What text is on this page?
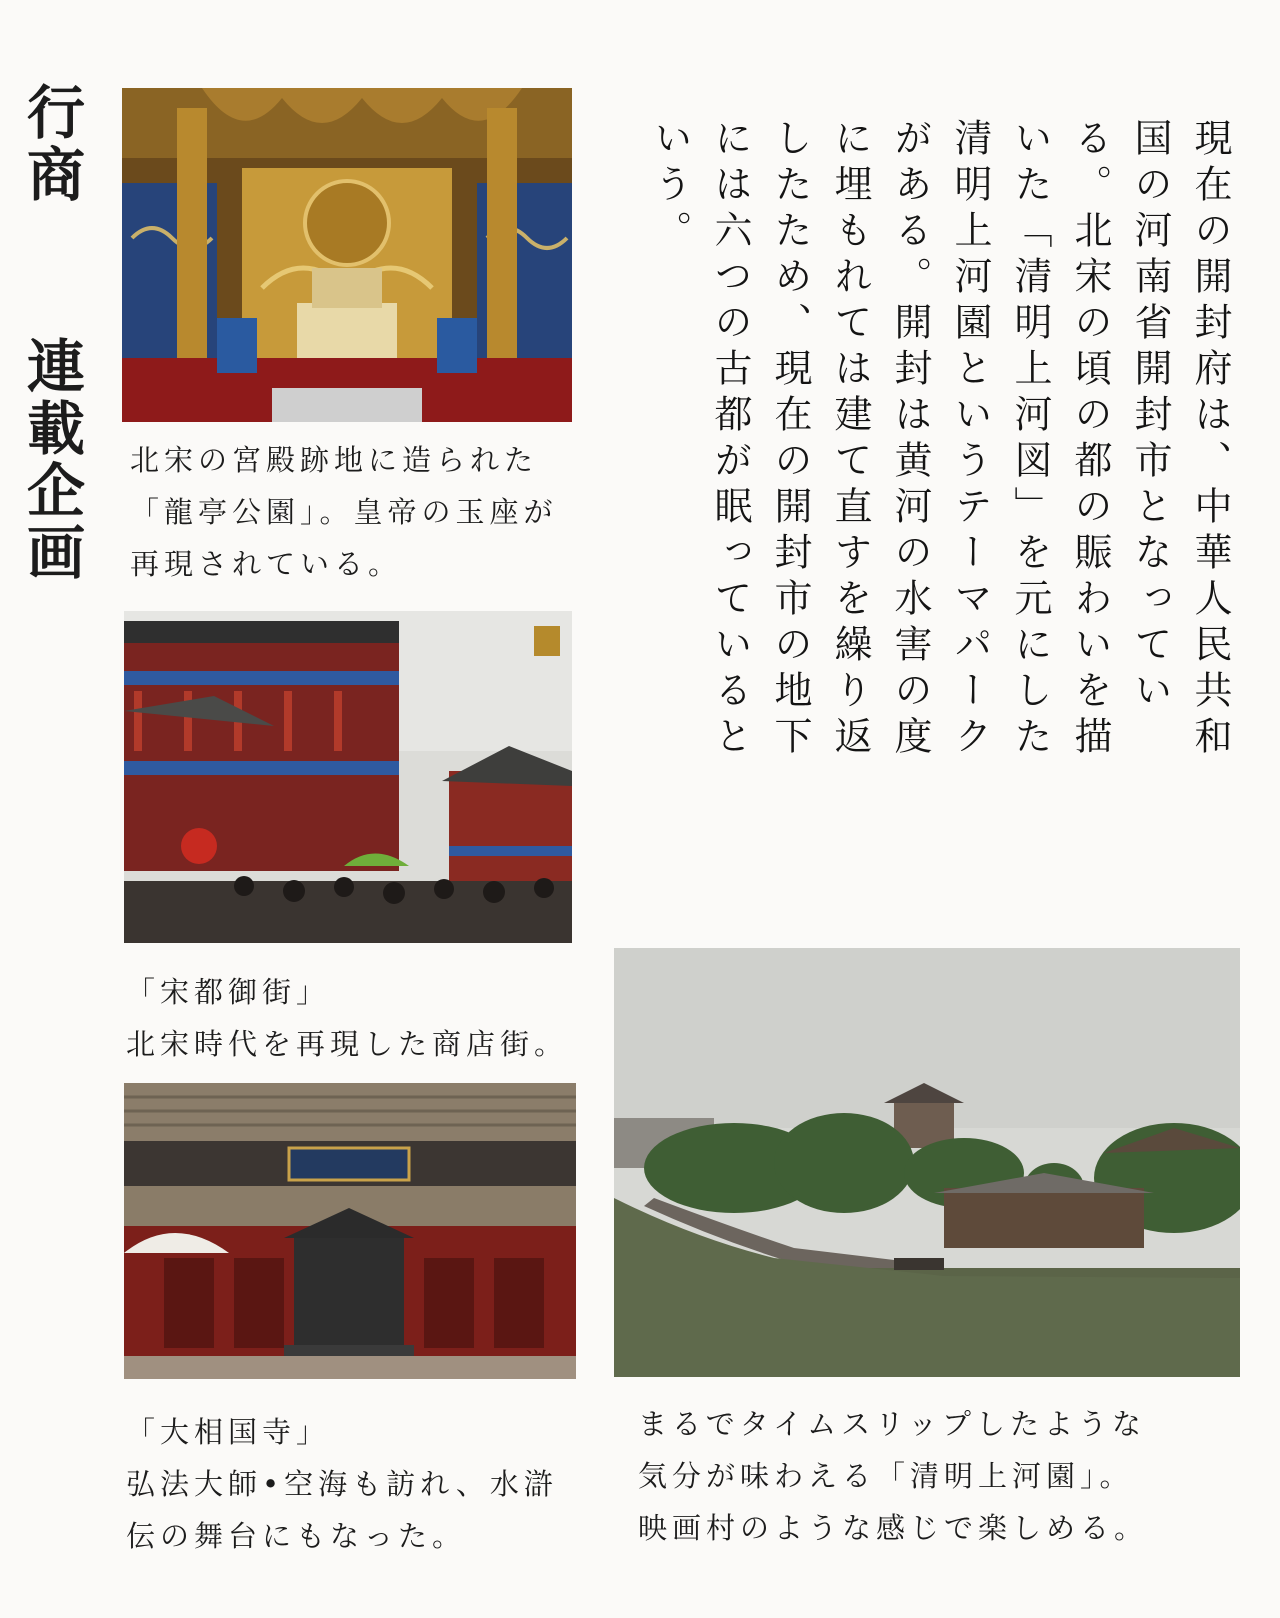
行商連載企画 北宋の宮殿跡地に造られた
「龍亭公園」。皇帝の玉座が
再現されている。
「宋都御街」
北宋時代を再現した商店街。
「大相国寺」
弘法大師•空海も訪れ、水滸
伝の舞台にもなった。
まるでタイムスリップしたような
気分が味わえる「清明上河園」。
映画村のような感じで楽しめる。
現在の開封府は、中華人民共和国の河南省開封市となっている。北宋の頃の都の賑わいを描いた「清明上河図」を元にした清明上河園というテーマパークがある。開封は黄河の水害の度に埋もれては建て直すを繰り返したため、現在の開封市の地下には六つの古都が眠っているという。
